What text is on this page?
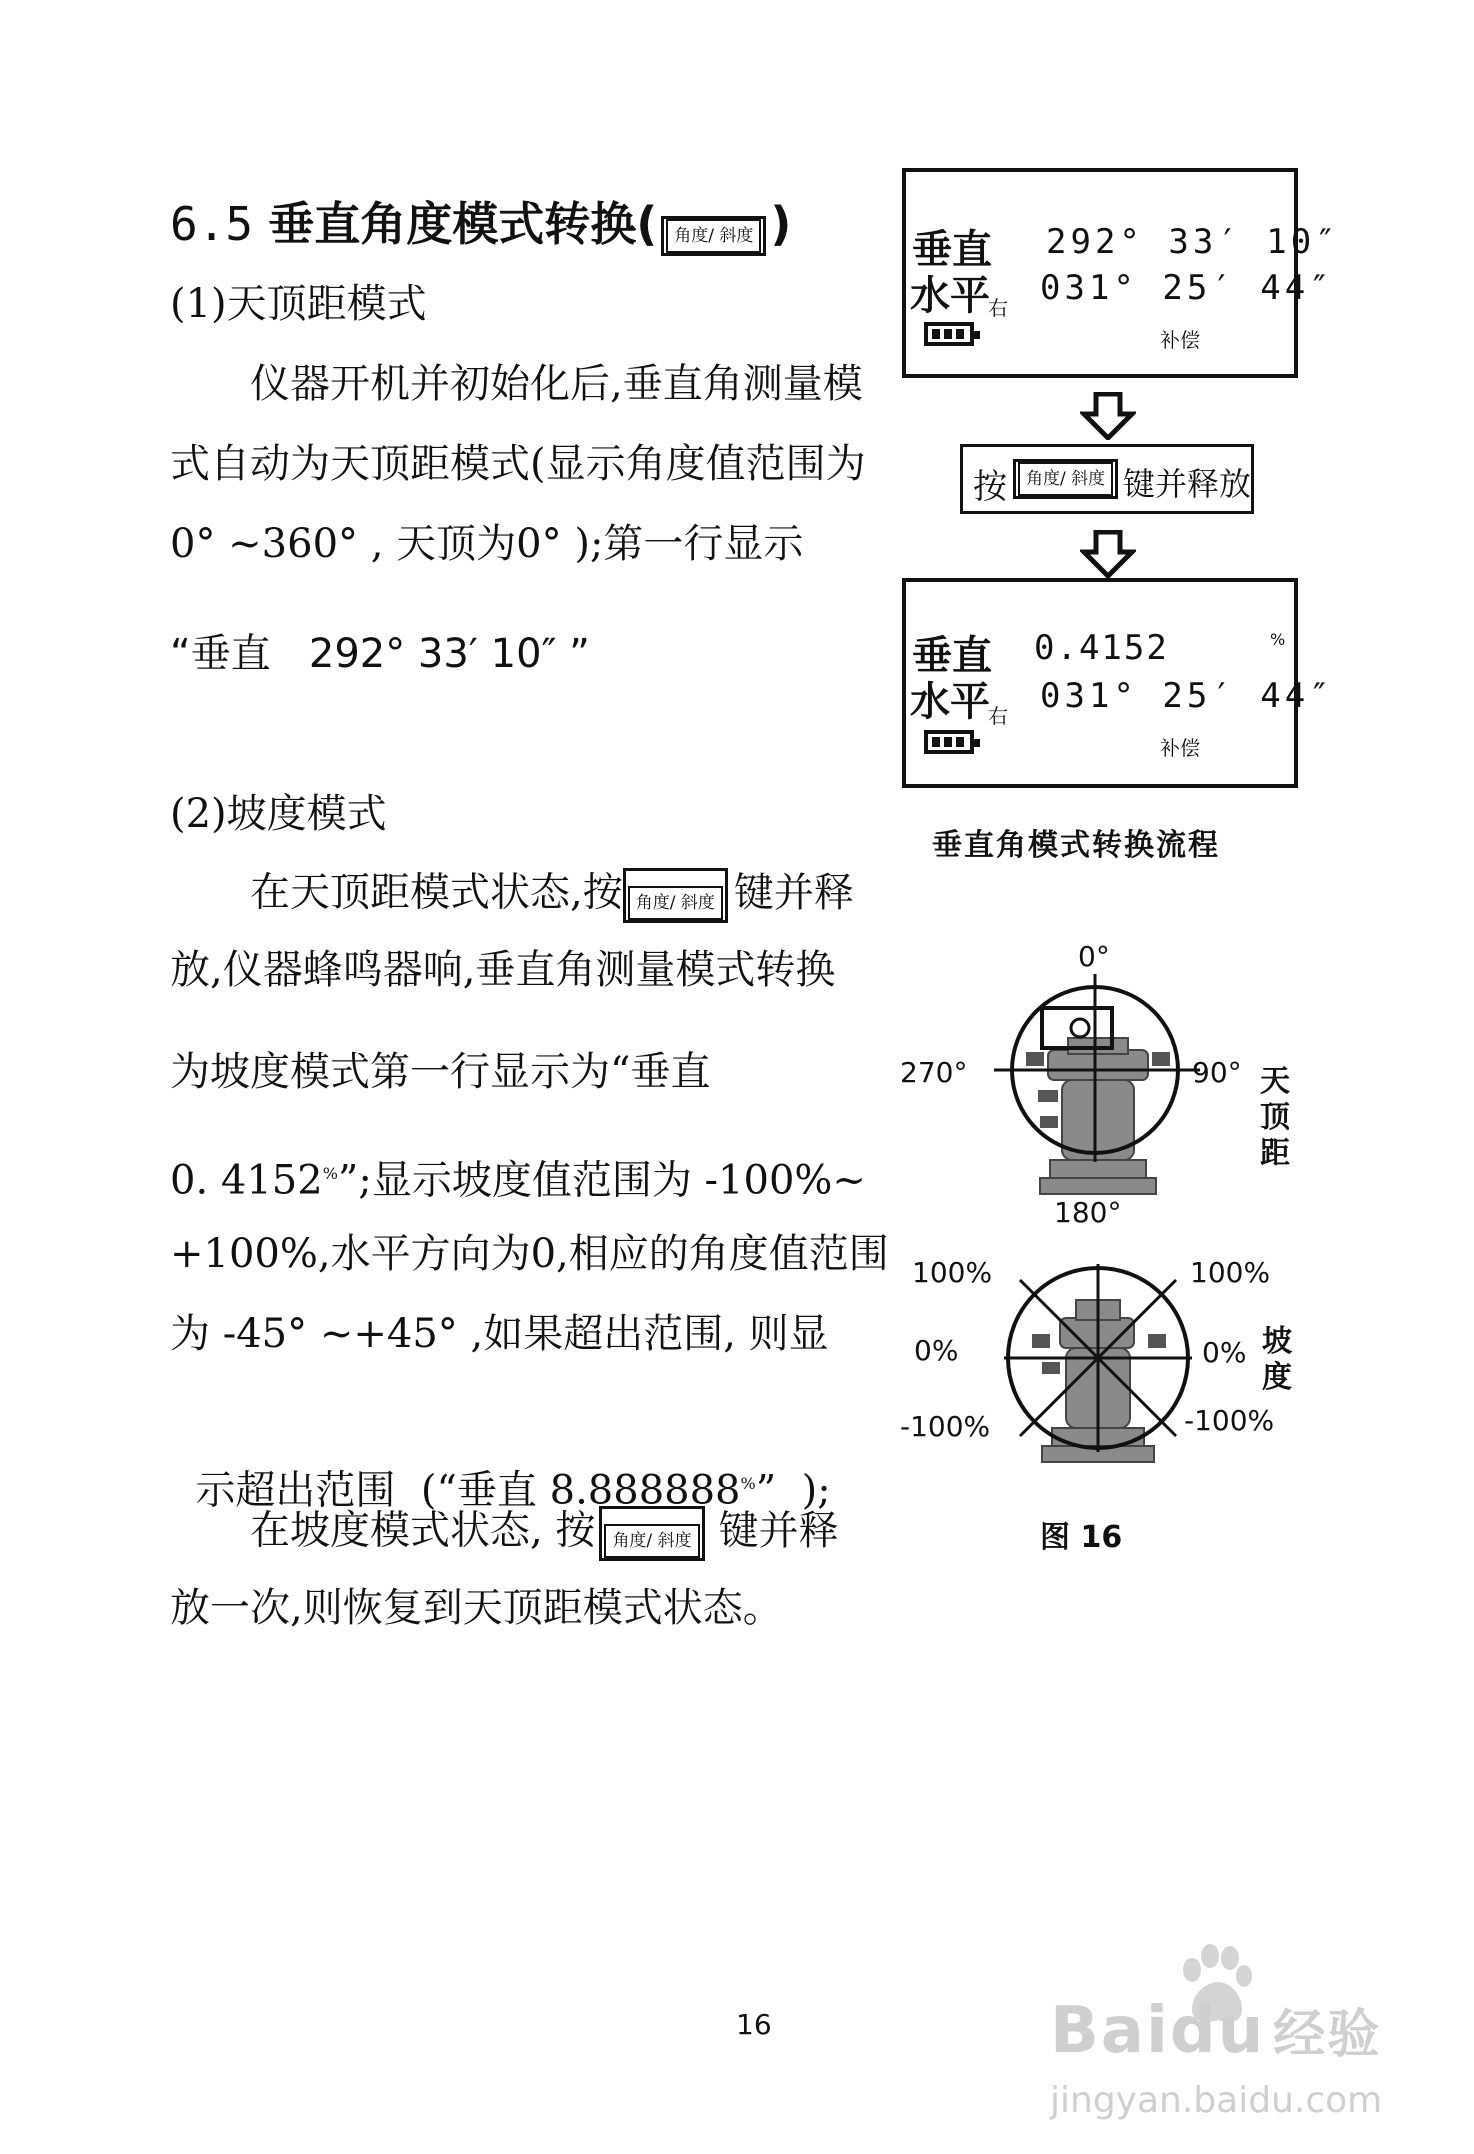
6.5 垂直角度模式转换( 角度/ 斜度 )
(1)天顶距模式
仪器开机并初始化后,垂直角测量模
式自动为天顶距模式(显示角度值范围为
0° ~360° , 天顶为0° );第一行显示
“垂直   292° 33′ 10″ ”
(2)坡度模式
在天顶距模式状态,按 角度/ 斜度 键并释
放,仪器蜂鸣器响,垂直角测量模式转换
为坡度模式第一行显示为“垂直
0. 4152%”;显示坡度值范围为 -100%~
+100%,水平方向为0,相应的角度值范围
为 -45° ~+45° ,如果超出范围, 则显

示超出范围  (“垂直 8.888888%”  );

在坡度模式状态, 按 角度/ 斜度 键并释
放一次,则恢复到天顶距模式状态。
垂直 292° 33′ 10″
水平
右 031° 25′ 44″
补偿
按	角度/ 斜度 键并释放
垂直 0.4152	%
水平
右 031° 25′ 44″
补偿
垂直角模式转换流程
0°
270°	90°
180°
天顶距
100%	100%
0%	0%
-100%	-100%
坡度
图 16
16	Baidu 经验
jingyan.baidu.com
